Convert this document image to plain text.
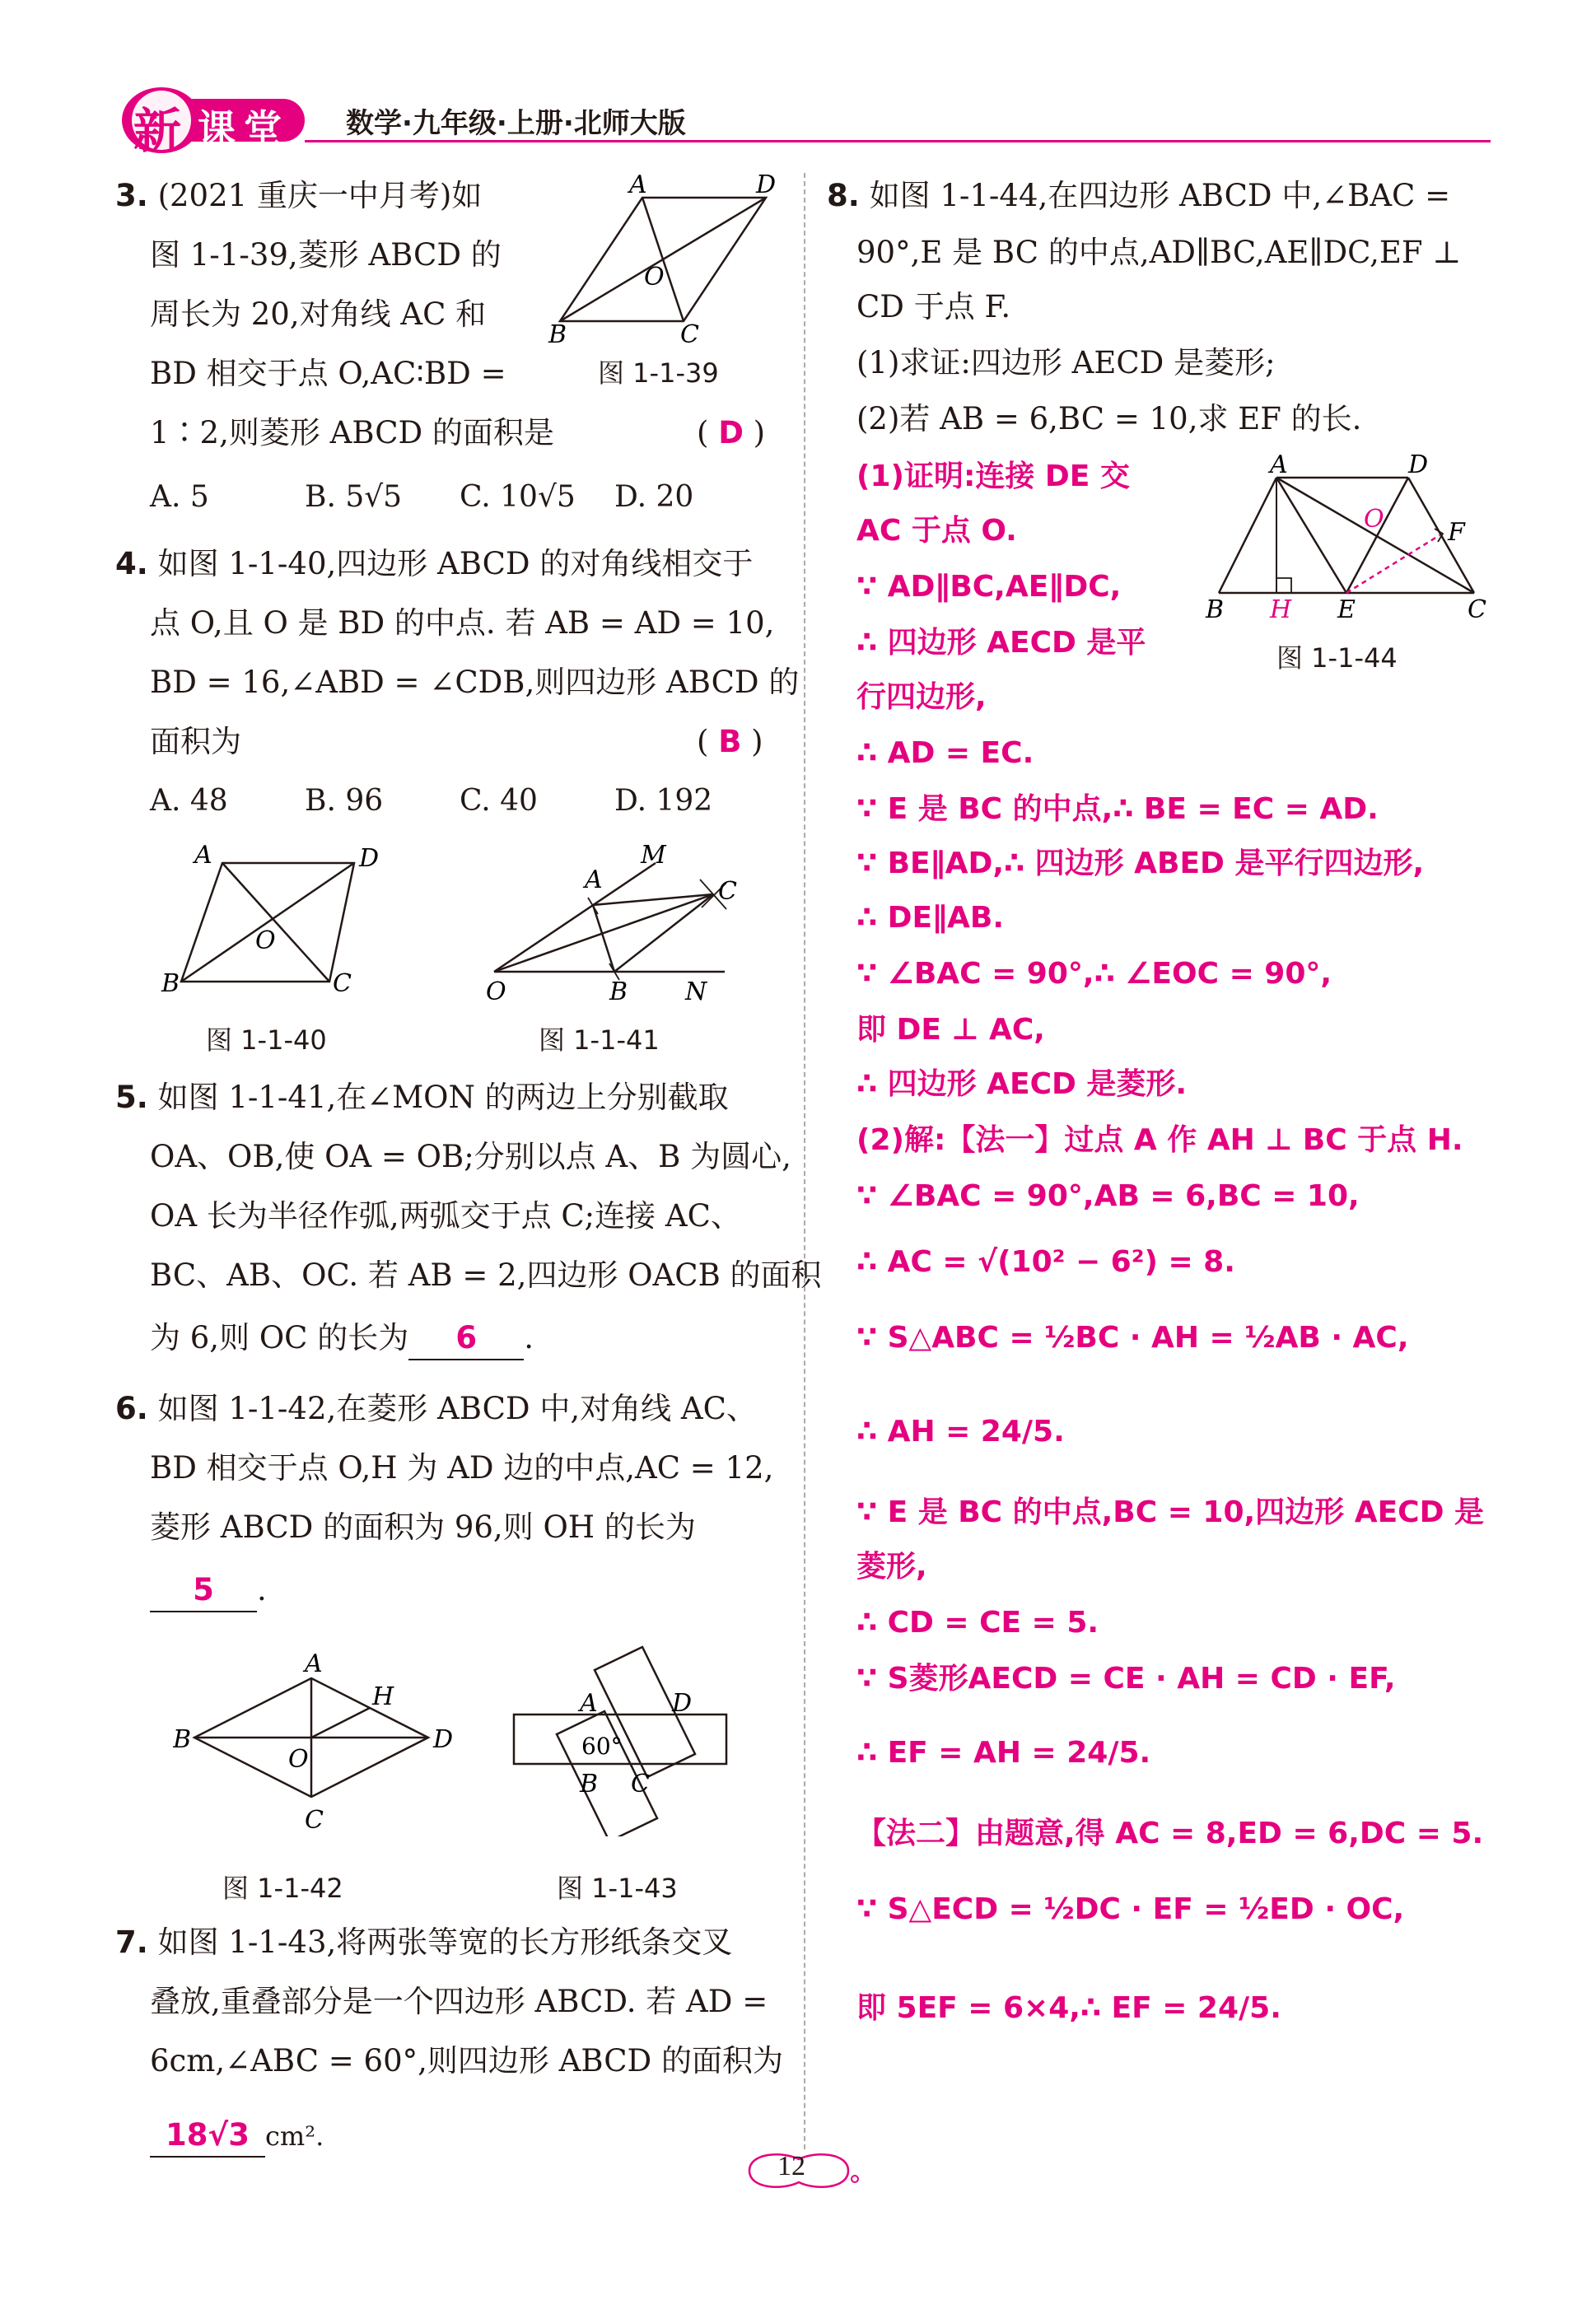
新 课 堂 数学·九年级·上册·北师大版
3. (2021 重庆一中月考)如
图 1-1-39,菱形 ABCD 的
周长为 20,对角线 AC 和
BD 相交于点 O,AC∶BD =
1∶2,则菱形 ABCD 的面积是	( D )
A. 5	B. 5√5 C. 10√5 D. 20
A	D
B	C
O
图 1-1-39
4. 如图 1-1-40,四边形 ABCD 的对角线相交于
点 O,且 O 是 BD 的中点. 若 AB = AD = 10,
BD = 16,∠ABD = ∠CDB,则四边形 ABCD 的
面积为	( B )
A. 48	B. 96	C. 40	D. 192
A	D
B	C
O
图 1-1-40
A
M
C
O	B N
图 1-1-41
5. 如图 1-1-41,在∠MON 的两边上分别截取
OA、OB,使 OA = OB;分别以点 A、B 为圆心,
OA 长为半径作弧,两弧交于点 C;连接 AC、
BC、AB、OC. 若 AB = 2,四边形 OACB 的面积
为 6,则 OC 的长为 6 .
6. 如图 1-1-42,在菱形 ABCD 中,对角线 AC、
BD 相交于点 O,H 为 AD 边的中点,AC = 12,
菱形 ABCD 的面积为 96,则 OH 的长为
5 .
A
B	D
C
O
H
图 1-1-42
A	D
B C
60°
图 1-1-43
7. 如图 1-1-43,将两张等宽的长方形纸条交叉
叠放,重叠部分是一个四边形 ABCD. 若 AD =
6cm,∠ABC = 60°,则四边形 ABCD 的面积为
18√3 cm².
8. 如图 1-1-44,在四边形 ABCD 中,∠BAC =
90°,E 是 BC 的中点,AD∥BC,AE∥DC,EF ⊥
CD 于点 F.
(1)求证:四边形 AECD 是菱形;
(2)若 AB = 6,BC = 10,求 EF 的长.
(1)证明:连接 DE 交
AC 于点 O.
∵ AD∥BC,AE∥DC,
∴ 四边形 AECD 是平
行四边形,
A	D
O	F
B H E	C
图 1-1-44
∴ AD = EC.
∵ E 是 BC 的中点,∴ BE = EC = AD.
∵ BE∥AD,∴ 四边形 ABED 是平行四边形,
∴ DE∥AB.
∵ ∠BAC = 90°,∴ ∠EOC = 90°,
即 DE ⊥ AC,
∴ 四边形 AECD 是菱形.
(2)解:【法一】过点 A 作 AH ⊥ BC 于点 H.
∵ ∠BAC = 90°,AB = 6,BC = 10,
∴ AC = √(10² − 6²) = 8.
∵ S△ABC = ½BC · AH = ½AB · AC,
∴ AH = 24/5.
∵ E 是 BC 的中点,BC = 10,四边形 AECD 是
菱形,
∴ CD = CE = 5.
∵ S菱形AECD = CE · AH = CD · EF,
∴ EF = AH = 24/5.
【法二】由题意,得 AC = 8,ED = 6,DC = 5.
∵ S△ECD = ½DC · EF = ½ED · OC,
即 5EF = 6×4,∴ EF = 24/5.
12
